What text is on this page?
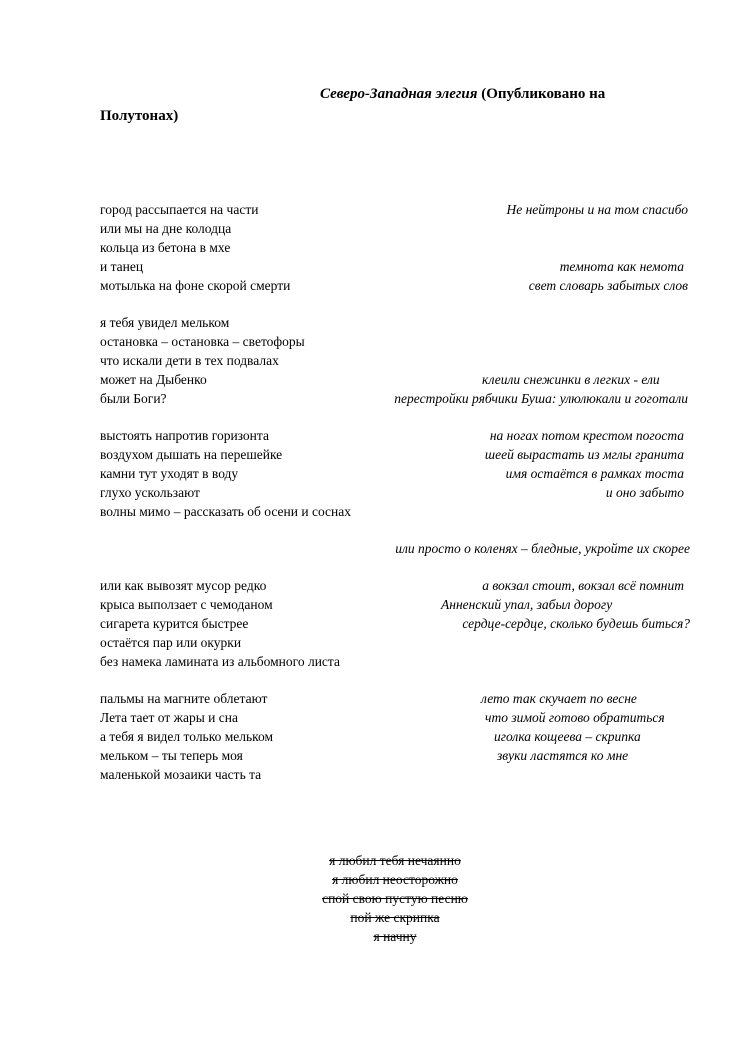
Северо-Западная элегия (Опубликовано на Полутонах)
город рассыпается на части	Не нейтроны и на том спасибо
или мы на дне колодца
кольца из бетона в мхе
и танец	темнота как немота
мотылька на фоне скорой смерти	свет словарь забытых слов
я тебя увидел мельком
остановка – остановка – светофоры
что искали дети в тех подвалах
может на Дыбенко	клеили снежинки в легких - ели
были Боги?	перестройки рябчики Буша: улюлюкали и гоготали
выстоять напротив горизонта	на ногах потом крестом погоста
воздухом дышать на перешейке	шеей вырастать из мглы гранита
камни тут уходят в воду	имя остаётся в рамках тоста
глухо ускользают	и оно забыто
волны мимо – рассказать об осени и соснах
или просто о коленях – бледные, укройте их скорее
или как вывозят мусор редко	а вокзал стоит, вокзал всё помнит
крыса выползает с чемоданом	Анненский упал, забыл дорогу
сигарета курится быстрее	сердце-сердце, сколько будешь биться?
остаётся пар или окурки
без намека ламината из альбомного листа
пальмы на магните облетают	лето так скучает по весне
Лета тает от жары и сна	что зимой готово обратиться
а тебя я видел только мельком	иголка кощеева – скрипка
мельком – ты теперь моя	звуки ластятся ко мне
маленькой мозаики часть та
я любил тебя нечаянно
я любил неосторожно
спой свою пустую песню
пой же скрипка
я начну
